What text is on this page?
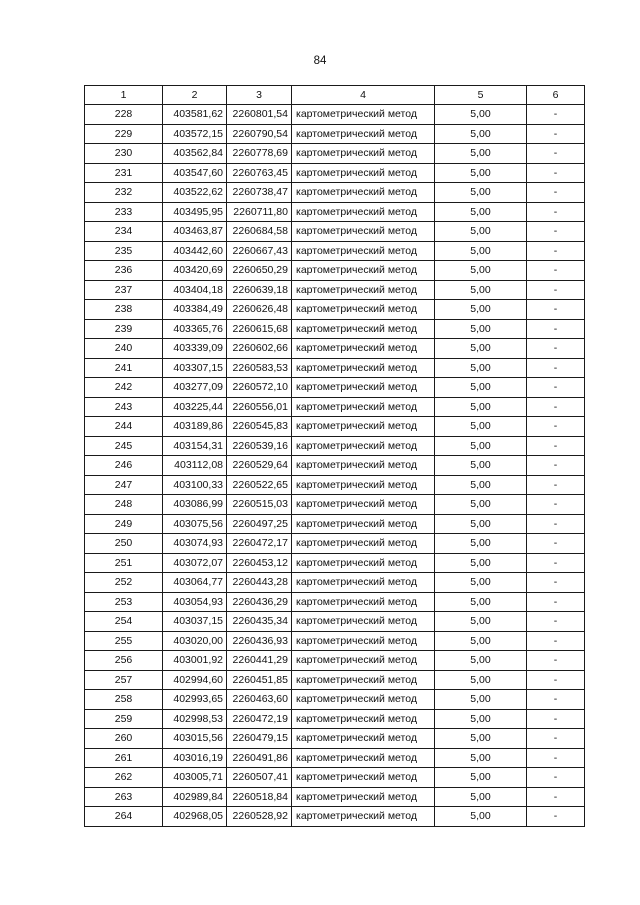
84
1	2	3	4	5	6
228	403581,62	2260801,54	картометрический метод	5,00	-
229	403572,15	2260790,54	картометрический метод	5,00	-
230	403562,84	2260778,69	картометрический метод	5,00	-
231	403547,60	2260763,45	картометрический метод	5,00	-
232	403522,62	2260738,47	картометрический метод	5,00	-
233	403495,95	2260711,80	картометрический метод	5,00	-
234	403463,87	2260684,58	картометрический метод	5,00	-
235	403442,60	2260667,43	картометрический метод	5,00	-
236	403420,69	2260650,29	картометрический метод	5,00	-
237	403404,18	2260639,18	картометрический метод	5,00	-
238	403384,49	2260626,48	картометрический метод	5,00	-
239	403365,76	2260615,68	картометрический метод	5,00	-
240	403339,09	2260602,66	картометрический метод	5,00	-
241	403307,15	2260583,53	картометрический метод	5,00	-
242	403277,09	2260572,10	картометрический метод	5,00	-
243	403225,44	2260556,01	картометрический метод	5,00	-
244	403189,86	2260545,83	картометрический метод	5,00	-
245	403154,31	2260539,16	картометрический метод	5,00	-
246	403112,08	2260529,64	картометрический метод	5,00	-
247	403100,33	2260522,65	картометрический метод	5,00	-
248	403086,99	2260515,03	картометрический метод	5,00	-
249	403075,56	2260497,25	картометрический метод	5,00	-
250	403074,93	2260472,17	картометрический метод	5,00	-
251	403072,07	2260453,12	картометрический метод	5,00	-
252	403064,77	2260443,28	картометрический метод	5,00	-
253	403054,93	2260436,29	картометрический метод	5,00	-
254	403037,15	2260435,34	картометрический метод	5,00	-
255	403020,00	2260436,93	картометрический метод	5,00	-
256	403001,92	2260441,29	картометрический метод	5,00	-
257	402994,60	2260451,85	картометрический метод	5,00	-
258	402993,65	2260463,60	картометрический метод	5,00	-
259	402998,53	2260472,19	картометрический метод	5,00	-
260	403015,56	2260479,15	картометрический метод	5,00	-
261	403016,19	2260491,86	картометрический метод	5,00	-
262	403005,71	2260507,41	картометрический метод	5,00	-
263	402989,84	2260518,84	картометрический метод	5,00	-
264	402968,05	2260528,92	картометрический метод	5,00	-
